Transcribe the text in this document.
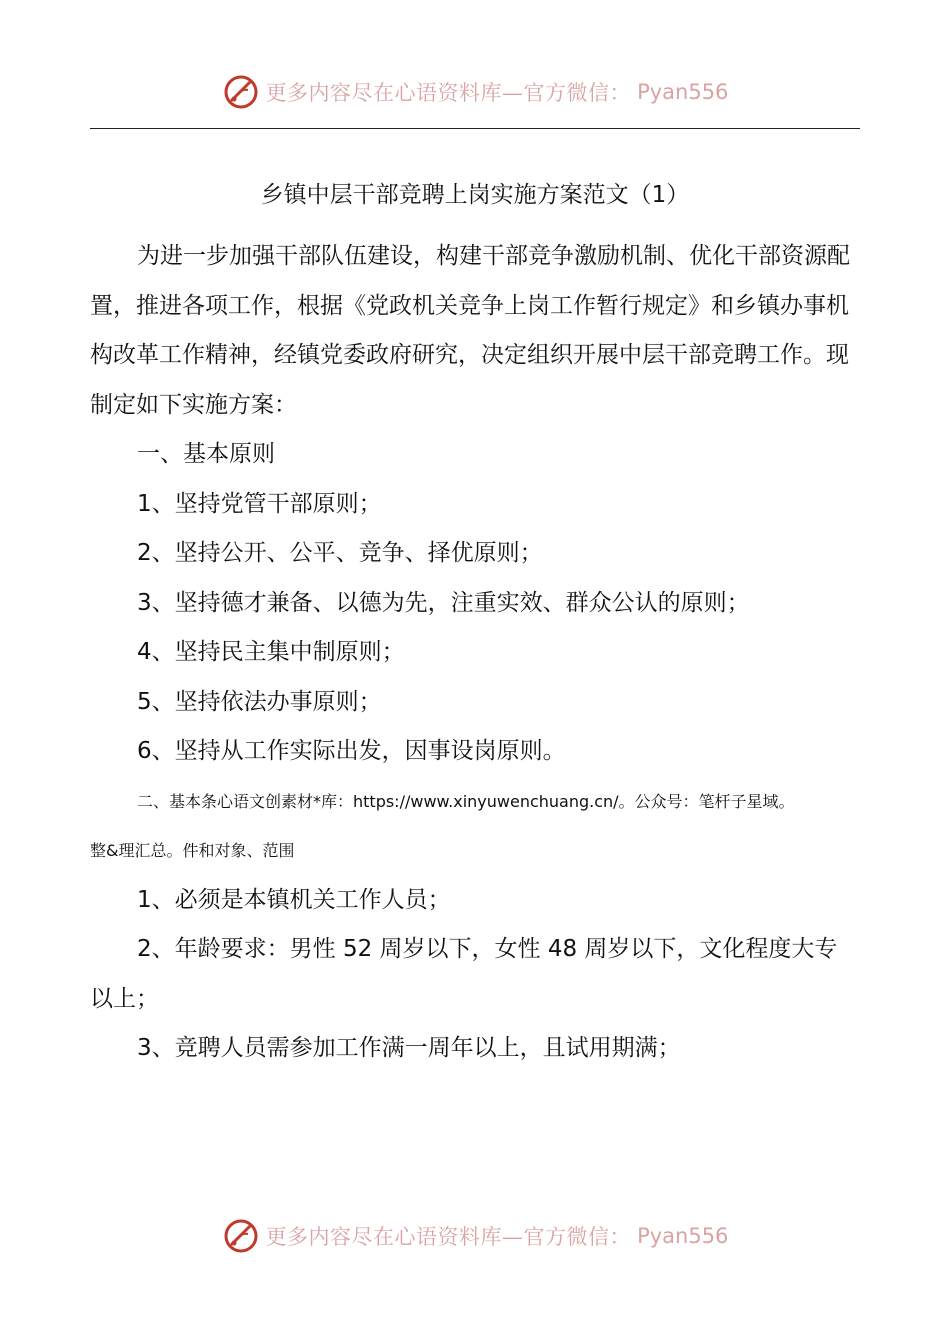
更多内容尽在心语资料库—官方微信： Pyan556
乡镇中层干部竞聘上岗实施方案范文（1）

为进一步加强干部队伍建设，构建干部竞争激励机制、优化干部资源配置，推进各项工作，根据《党政机关竞争上岗工作暂行规定》和乡镇办事机构改革工作精神，经镇党委政府研究，决定组织开展中层干部竞聘工作。现制定如下实施方案：

一、基本原则

1、坚持党管干部原则；

2、坚持公开、公平、竞争、择优原则；

3、坚持德才兼备、以德为先，注重实效、群众公认的原则；

4、坚持民主集中制原则；

5、坚持依法办事原则；

6、坚持从工作实际出发，因事设岗原则。

二、基本条心语文创素材*库：https://www.xinyuwenchuang.cn/。公众号：笔杆子星域。

整&理汇总。件和对象、范围

1、必须是本镇机关工作人员；

2、年龄要求：男性 52 周岁以下，女性 48 周岁以下，文化程度大专以上；

3、竞聘人员需参加工作满一周年以上，且试用期满；

更多内容尽在心语资料库—官方微信： Pyan556
